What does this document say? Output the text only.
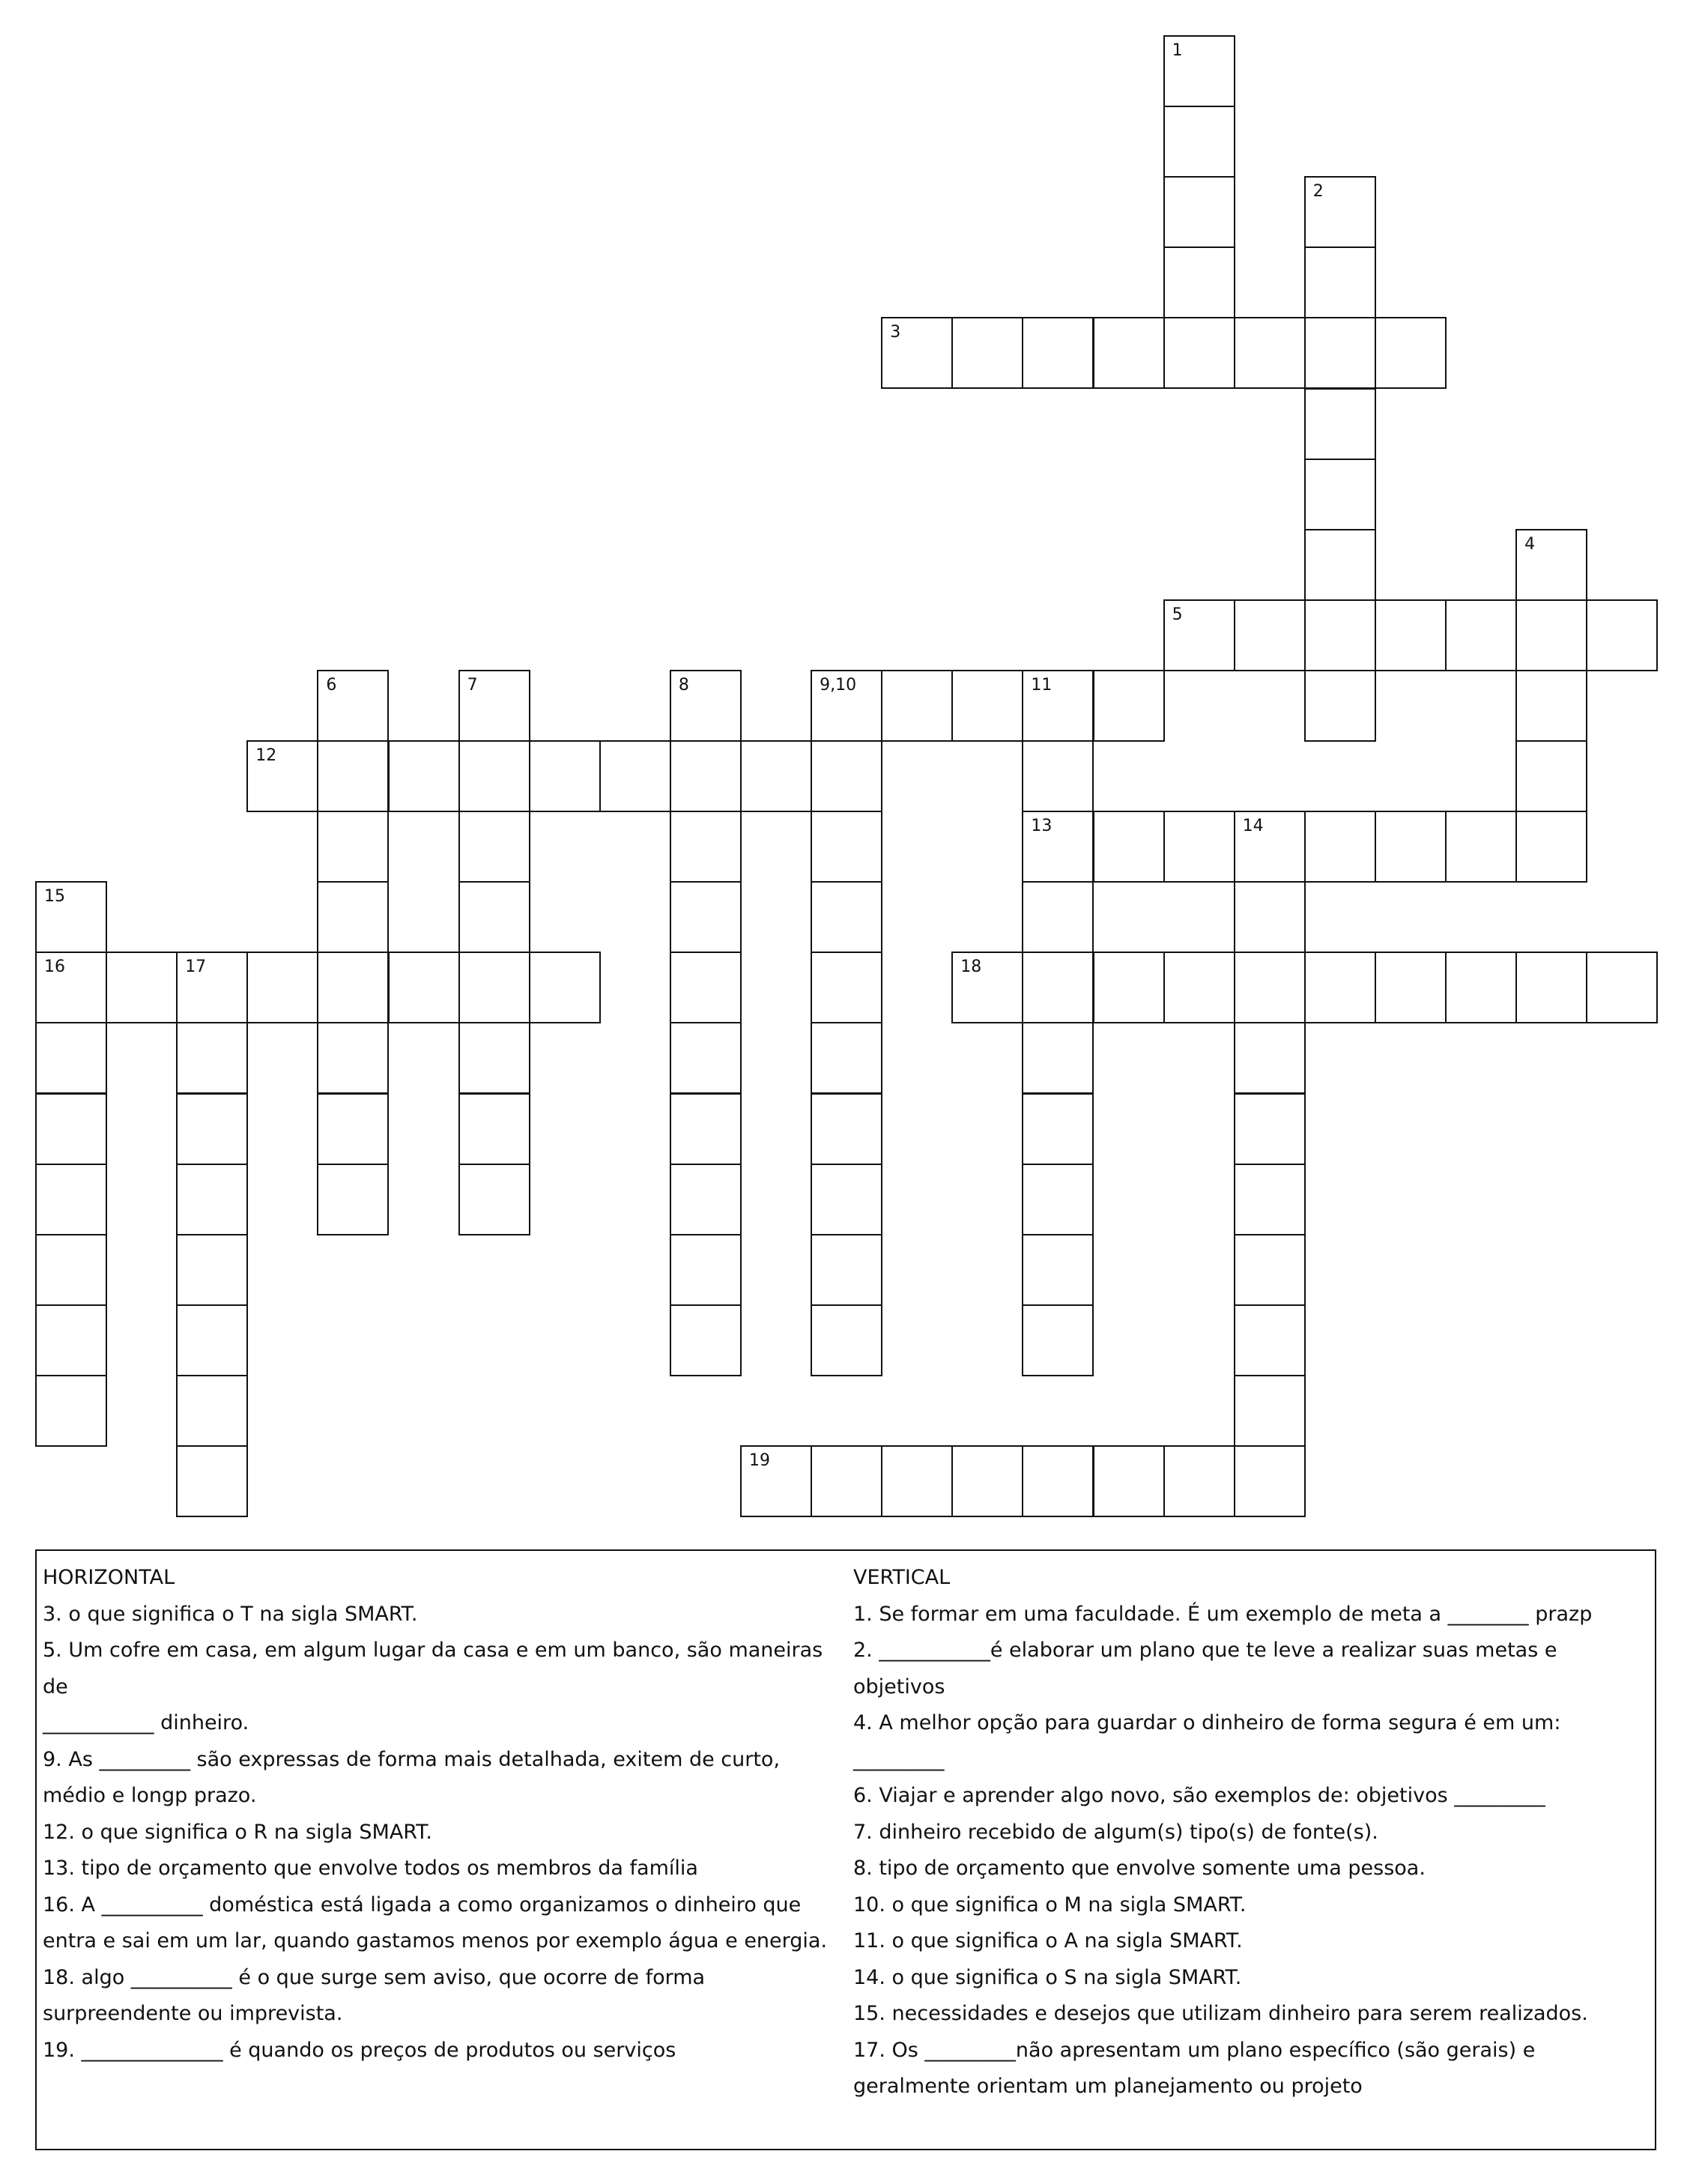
1
2
3
4
5
6	7	8	9,10	11
13
12
14
15
16	17	18
19
HORIZONTAL
3. o que significa o T na sigla SMART.
5. Um cofre em casa, em algum lugar da casa e em um banco, são maneiras de
___________ dinheiro.
9. As _________ são expressas de forma mais detalhada, exitem de curto,
médio e longp prazo.
12. o que significa o R na sigla SMART.
13. tipo de orçamento que envolve todos os membros da família
16. A __________ doméstica está ligada a como organizamos o dinheiro que
entra e sai em um lar, quando gastamos menos por exemplo água e energia.
18. algo __________ é o que surge sem aviso, que ocorre de forma
surpreendente ou imprevista.
19. ______________ é quando os preços de produtos ou serviços
VERTICAL
1. Se formar em uma faculdade. É um exemplo de meta a ________ prazp
2. ___________é elaborar um plano que te leve a realizar suas metas e
objetivos
4. A melhor opção para guardar o dinheiro de forma segura é em um:
_________
6. Viajar e aprender algo novo, são exemplos de: objetivos _________
7. dinheiro recebido de algum(s) tipo(s) de fonte(s).
8. tipo de orçamento que envolve somente uma pessoa.
10. o que significa o M na sigla SMART.
11. o que significa o A na sigla SMART.
14. o que significa o S na sigla SMART.
15. necessidades e desejos que utilizam dinheiro para serem realizados.
17. Os _________não apresentam um plano específico (são gerais) e
geralmente orientam um planejamento ou projeto
